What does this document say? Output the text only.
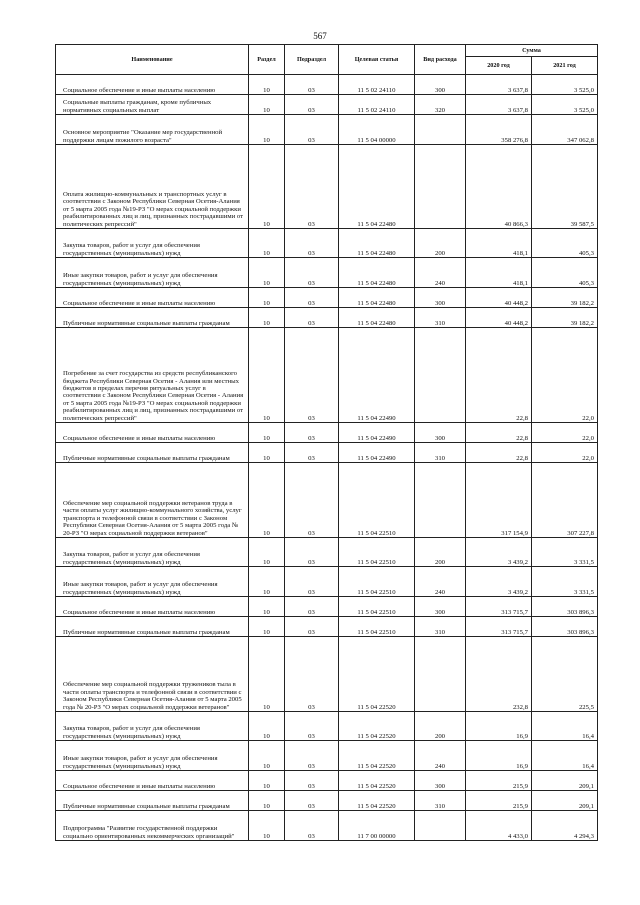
567
Наименование	Раздел	Подраздел	Целевая статья	Вид расхода	Сумма	
					2020 год	2021 год
Социальное обеспечение и иные выплаты населению	10	03	11 5 02 24110	300	3 637,8	3 525,0
Социальные выплаты гражданам, кроме публичных нормативных социальных выплат	10	03	11 5 02 24110	320	3 637,8	3 525,0
Основное мероприятие "Оказание мер государственной поддержки лицам пожилого возраста"	10	03	11 5 04 00000		358 276,8	347 062,8
Оплата жилищно-коммунальных и транспортных услуг в соответствии с Законом Республики Северная Осетия-Алания от 5 марта 2005 года №19-РЗ "О мерах социальной поддержки реабилитированных лиц и лиц, признанных пострадавшими от политических репрессий"	10	03	11 5 04 22480		40 866,3	39 587,5
Закупка товаров, работ и услуг для обеспечения государственных (муниципальных) нужд	10	03	11 5 04 22480	200	418,1	405,3
Иные закупки товаров, работ и услуг для обеспечения государственных (муниципальных) нужд	10	03	11 5 04 22480	240	418,1	405,3
Социальное обеспечение и иные выплаты населению	10	03	11 5 04 22480	300	40 448,2	39 182,2
Публичные нормативные социальные выплаты гражданам	10	03	11 5 04 22480	310	40 448,2	39 182,2
Погребение за счет государства из средств республиканского бюджета Республики Северная Осетия - Алания или местных бюджетов в пределах перечня ритуальных услуг в соответствии с Законом Республики Северная Осетия - Алания от 5 марта 2005 года №19-РЗ "О мерах социальной поддержки реабилитированных лиц и лиц, признанных пострадавшими от политических репрессий"	10	03	11 5 04 22490		22,8	22,0
Социальное обеспечение и иные выплаты населению	10	03	11 5 04 22490	300	22,8	22,0
Публичные нормативные социальные выплаты гражданам	10	03	11 5 04 22490	310	22,8	22,0
Обеспечение мер социальной поддержки ветеранов труда в части оплаты услуг жилищно-коммунального хозяйства, услуг транспорта и телефонной связи в соответствии с Законом Республики Северная Осетия-Алания от 5 марта 2005 года № 20-РЗ "О мерах социальной поддержки ветеранов"	10	03	11 5 04 22510		317 154,9	307 227,8
Закупка товаров, работ и услуг для обеспечения государственных (муниципальных) нужд	10	03	11 5 04 22510	200	3 439,2	3 331,5
Иные закупки товаров, работ и услуг для обеспечения государственных (муниципальных) нужд	10	03	11 5 04 22510	240	3 439,2	3 331,5
Социальное обеспечение и иные выплаты населению	10	03	11 5 04 22510	300	313 715,7	303 896,3
Публичные нормативные социальные выплаты гражданам	10	03	11 5 04 22510	310	313 715,7	303 896,3
Обеспечение мер социальной поддержки тружеников тыла в части оплаты транспорта и телефонной связи в соответствии с Законом Республики Северная Осетия-Алания от 5 марта 2005 года № 20-РЗ "О мерах социальной поддержки ветеранов"	10	03	11 5 04 22520		232,8	225,5
Закупка товаров, работ и услуг для обеспечения государственных (муниципальных) нужд	10	03	11 5 04 22520	200	16,9	16,4
Иные закупки товаров, работ и услуг для обеспечения государственных (муниципальных) нужд	10	03	11 5 04 22520	240	16,9	16,4
Социальное обеспечение и иные выплаты населению	10	03	11 5 04 22520	300	215,9	209,1
Публичные нормативные социальные выплаты гражданам	10	03	11 5 04 22520	310	215,9	209,1
Подпрограмма "Развитие государственной поддержки социально ориентированных некоммерческих организаций"	10	03	11 7 00 00000		4 433,0	4 294,3
